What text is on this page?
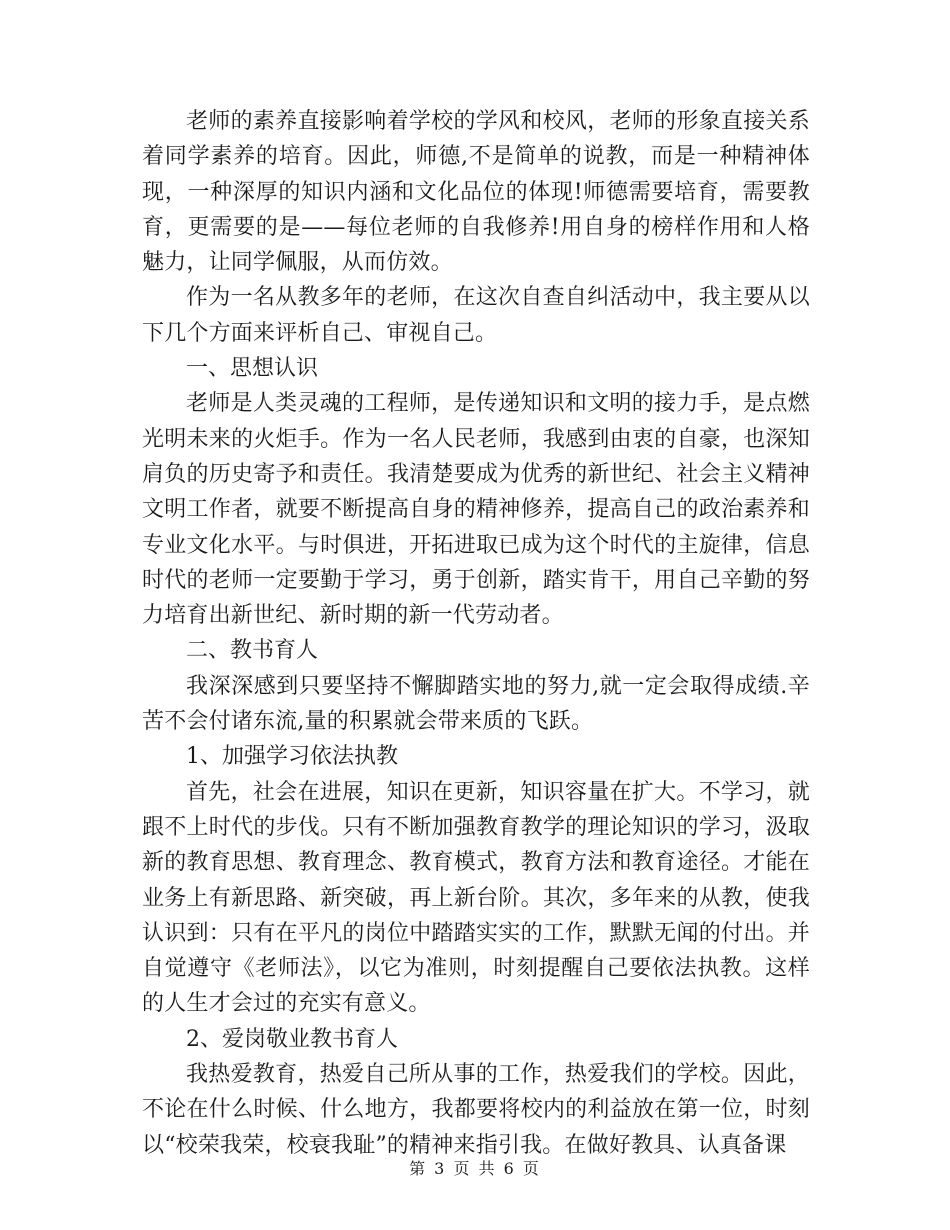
老师的素养直接影响着学校的学风和校风，老师的形象直接关系着同学素养的培育。因此，师德,不是简单的说教，而是一种精神体现，一种深厚的知识内涵和文化品位的体现!师德需要培育，需要教育，更需要的是——每位老师的自我修养!用自身的榜样作用和人格魅力，让同学佩服，从而仿效。

作为一名从教多年的老师，在这次自查自纠活动中，我主要从以下几个方面来评析自己、审视自己。

一、思想认识

老师是人类灵魂的工程师，是传递知识和文明的接力手，是点燃光明未来的火炬手。作为一名人民老师，我感到由衷的自豪，也深知肩负的历史寄予和责任。我清楚要成为优秀的新世纪、社会主义精神文明工作者，就要不断提高自身的精神修养，提高自己的政治素养和专业文化水平。与时俱进，开拓进取已成为这个时代的主旋律，信息时代的老师一定要勤于学习，勇于创新，踏实肯干，用自己辛勤的努力培育出新世纪、新时期的新一代劳动者。

二、教书育人

我深深感到只要坚持不懈脚踏实地的努力,就一定会取得成绩.辛苦不会付诸东流,量的积累就会带来质的飞跃。

1、加强学习依法执教

首先，社会在进展，知识在更新，知识容量在扩大。不学习，就跟不上时代的步伐。只有不断加强教育教学的理论知识的学习，汲取新的教育思想、教育理念、教育模式，教育方法和教育途径。才能在业务上有新思路、新突破，再上新台阶。其次，多年来的从教，使我认识到：只有在平凡的岗位中踏踏实实的工作，默默无闻的付出。并自觉遵守《老师法》，以它为准则，时刻提醒自己要依法执教。这样的人生才会过的充实有意义。

2、爱岗敬业教书育人

我热爱教育，热爱自己所从事的工作，热爱我们的学校。因此，不论在什么时候、什么地方，我都要将校内的利益放在第一位，时刻以“校荣我荣，校衰我耻”的精神来指引我。在做好教具、认真备课

第 3 页 共 6 页
